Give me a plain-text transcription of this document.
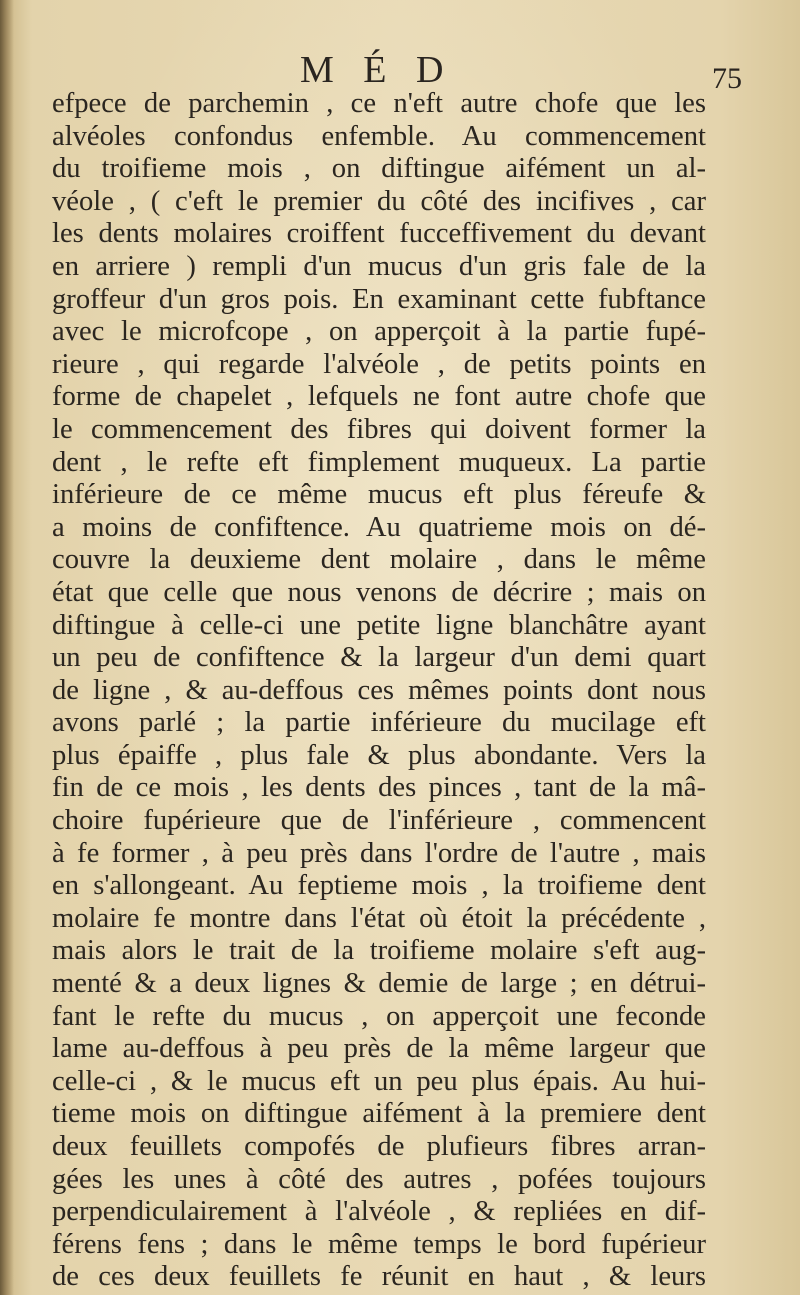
M É D	75
efpece de parchemin , ce n'eft autre chofe que les
alvéoles confondus enfemble. Au commencement
du troifieme mois , on diftingue aifément un al-
véole , ( c'eft le premier du côté des incifives , car
les dents molaires croiffent fucceffivement du devant
en arriere ) rempli d'un mucus d'un gris fale de la
groffeur d'un gros pois. En examinant cette fubftance
avec le microfcope , on apperçoit à la partie fupé-
rieure , qui regarde l'alvéole , de petits points en
forme de chapelet , lefquels ne font autre chofe que
le commencement des fibres qui doivent former la
dent , le refte eft fimplement muqueux. La partie
inférieure de ce même mucus eft plus féreufe &
a moins de confiftence. Au quatrieme mois on dé-
couvre la deuxieme dent molaire , dans le même
état que celle que nous venons de décrire ; mais on
diftingue à celle-ci une petite ligne blanchâtre ayant
un peu de confiftence & la largeur d'un demi quart
de ligne , & au-deffous ces mêmes points dont nous
avons parlé ; la partie inférieure du mucilage eft
plus épaiffe , plus fale & plus abondante. Vers la
fin de ce mois , les dents des pinces , tant de la mâ-
choire fupérieure que de l'inférieure , commencent
à fe former , à peu près dans l'ordre de l'autre , mais
en s'allongeant. Au feptieme mois , la troifieme dent
molaire fe montre dans l'état où étoit la précédente ,
mais alors le trait de la troifieme molaire s'eft aug-
menté & a deux lignes & demie de large ; en détrui-
fant le refte du mucus , on apperçoit une feconde
lame au-deffous à peu près de la même largeur que
celle-ci , & le mucus eft un peu plus épais. Au hui-
tieme mois on diftingue aifément à la premiere dent
deux feuillets compofés de plufieurs fibres arran-
gées les unes à côté des autres , pofées toujours
perpendiculairement à l'alvéole , & repliées en dif-
férens fens ; dans le même temps le bord fupérieur
de ces deux feuillets fe réunit en haut , & leurs
